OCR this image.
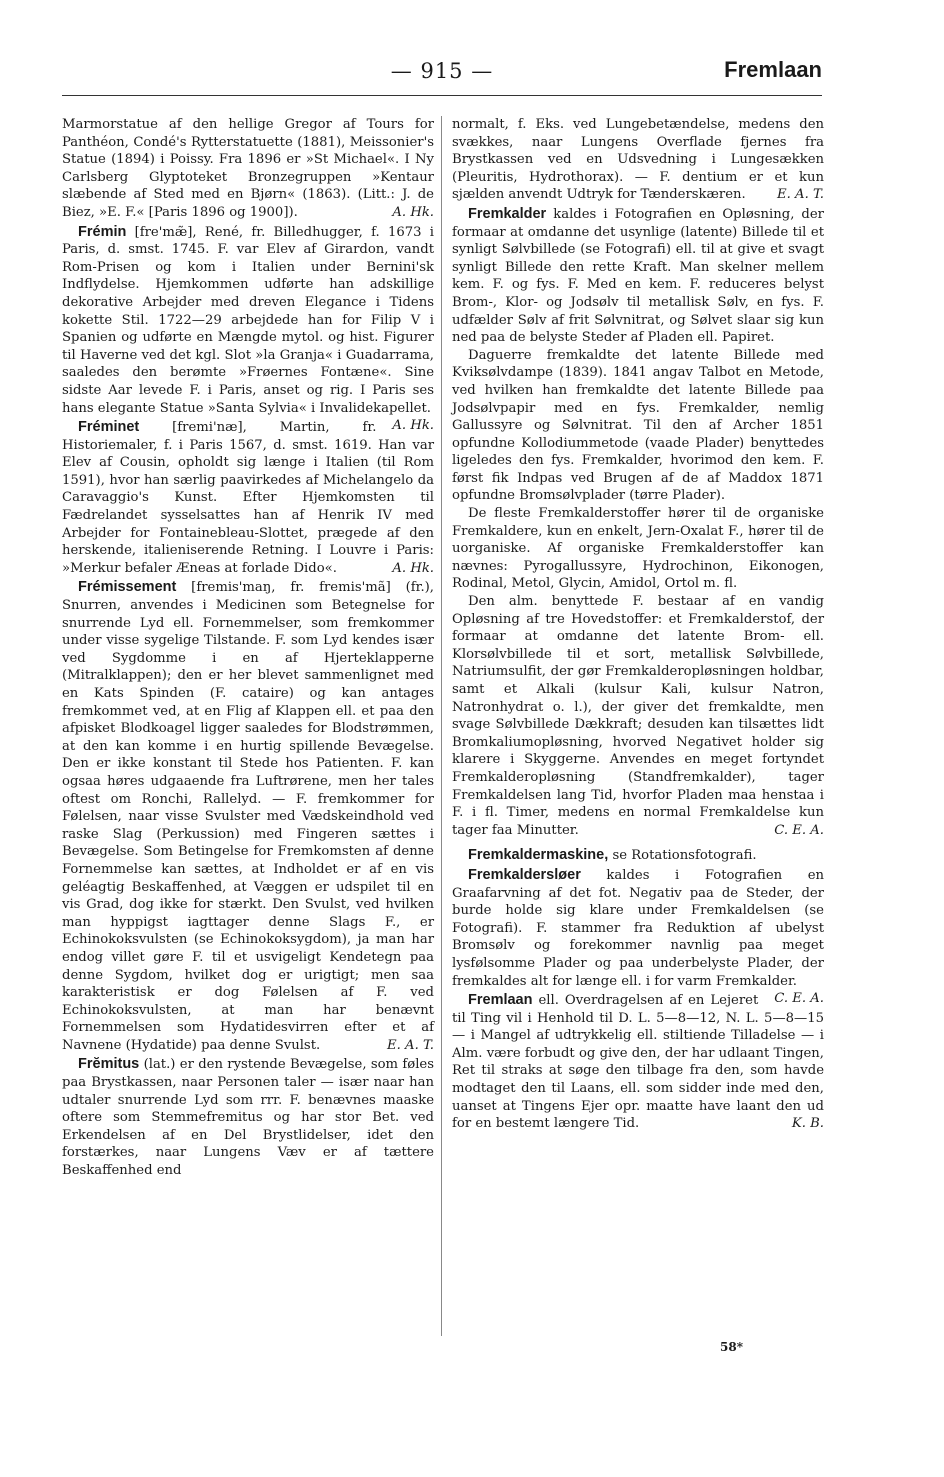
— 915 —	Fremlaan

Marmorstatue af den hellige Gregor af Tours for Panthéon, Condé's Rytterstatuette (1881), Meissonier's Statue (1894) i Poissy. Fra 1896 er »St Michael«. I Ny Carlsberg Glyptoteket Bronzegruppen »Kentaur slæbende af Sted med en Bjørn« (1863). (Litt.: J. de Biez, »E. F.« [Paris 1896 og 1900]).	A. Hk.

Frémin [fre'mæ̃], René, fr. Billedhugger, f. 1673 i Paris, d. smst. 1745. F. var Elev af Girardon, vandt Rom-Prisen og kom i Italien under Bernini'sk Indflydelse. Hjemkommen udførte han adskillige dekorative Arbejder med dreven Elegance i Tidens kokette Stil. 1722—29 arbejdede han for Filip V i Spanien og udførte en Mængde mytol. og hist. Figurer til Haverne ved det kgl. Slot »la Granja« i Guadarrama, saaledes den berømte »Frøernes Fontæne«. Sine sidste Aar levede F. i Paris, anset og rig. I Paris ses hans elegante Statue »Santa Sylvia« i Invalidekapellet.
A. Hk.

Fréminet [fremi'næ], Martin, fr. Historiemaler, f. i Paris 1567, d. smst. 1619. Han var Elev af Cousin, opholdt sig længe i Italien (til Rom 1591), hvor han særlig paavirkedes af Michelangelo da Caravaggio's Kunst. Efter Hjemkomsten til Fædrelandet sysselsattes han af Henrik IV med Arbejder for Fontainebleau-Slottet, prægede af den herskende, italieniserende Retning. I Louvre i Paris: »Merkur befaler Æneas at forlade Dido«.	A. Hk.

Frémissement [fremis'maŋ, fr. fremis'mã] (fr.), Snurren, anvendes i Medicinen som Betegnelse for snurrende Lyd ell. Fornemmelser, som fremkommer under visse sygelige Tilstande. F. som Lyd kendes især ved Sygdomme i en af Hjerteklapperne (Mitralklappen); den er her blevet sammenlignet med en Kats Spinden (F. cataire) og kan antages fremkommet ved, at en Flig af Klappen ell. et paa den afpisket Blodkoagel ligger saaledes for Blodstrømmen, at den kan komme i en hurtig spillende Bevægelse. Den er ikke konstant til Stede hos Patienten. F. kan ogsaa høres udgaaende fra Luftrørene, men her tales oftest om Ronchi, Rallelyd. — F. fremkommer for Følelsen, naar visse Svulster med Vædskeindhold ved raske Slag (Perkussion) med Fingeren sættes i Bevægelse. Som Betingelse for Fremkomsten af denne Fornemmelse kan sættes, at Indholdet er af en vis geléagtig Beskaffenhed, at Væggen er udspilet til en vis Grad, dog ikke for stærkt. Den Svulst, ved hvilken man hyppigst iagttager denne Slags F., er Echinokoksvulsten (se Echinokoksygdom), ja man har endog villet gøre F. til et usvigeligt Kendetegn paa denne Sygdom, hvilket dog er urigtigt; men saa karakteristisk er dog Følelsen af F. ved Echinokoksvulsten, at man har benævnt Fornemmelsen som Hydatidesvirren efter et af Navnene (Hydatide) paa denne Svulst.	E. A. T.

Frĕmitus (lat.) er den rystende Bevægelse, som føles paa Brystkassen, naar Personen taler — især naar han udtaler snurrende Lyd som rrr. F. benævnes maaske oftere som Stemmefremitus og har stor Bet. ved Erkendelsen af en Del Brystlidelser, idet den forstærkes, naar Lungens Væv er af tættere Beskaffenhed end

normalt, f. Eks. ved Lungebetændelse, medens den svækkes, naar Lungens Overflade fjernes fra Brystkassen ved en Udsvedning i Lungesækken (Pleuritis, Hydrothorax). — F. dentium er et kun sjælden anvendt Udtryk for Tænderskæren. E. A. T.

Fremkalder kaldes i Fotografien en Opløsning, der formaar at omdanne det usynlige (latente) Billede til et synligt Sølvbillede (se Fotografi) ell. til at give et svagt synligt Billede den rette Kraft. Man skelner mellem kem. F. og fys. F. Med en kem. F. reduceres belyst Brom-, Klor- og Jodsølv til metallisk Sølv, en fys. F. udfælder Sølv af frit Sølvnitrat, og Sølvet slaar sig kun ned paa de belyste Steder af Pladen ell. Papiret.

Daguerre fremkaldte det latente Billede med Kviksølvdampe (1839). 1841 angav Talbot en Metode, ved hvilken han fremkaldte det latente Billede paa Jodsølvpapir med en fys. Fremkalder, nemlig Gallussyre og Sølvnitrat. Til den af Archer 1851 opfundne Kollodiummetode (vaade Plader) benyttedes ligeledes den fys. Fremkalder, hvorimod den kem. F. først fik Indpas ved Brugen af de af Maddox 1871 opfundne Bromsølvplader (tørre Plader).

De fleste Fremkalderstoffer hører til de organiske Fremkaldere, kun en enkelt, Jern-Oxalat F., hører til de uorganiske. Af organiske Fremkalderstoffer kan nævnes: Pyrogallussyre, Hydrochinon, Eikonogen, Rodinal, Metol, Glycin, Amidol, Ortol m. fl.

Den alm. benyttede F. bestaar af en vandig Opløsning af tre Hovedstoffer: et Fremkalderstof, der formaar at omdanne det latente Brom- ell. Klorsølvbillede til et sort, metallisk Sølvbillede, Natriumsulfit, der gør Fremkalderopløsningen holdbar, samt et Alkali (kulsur Kali, kulsur Natron, Natronhydrat o. l.), der giver det fremkaldte, men svage Sølvbillede Dækkraft; desuden kan tilsættes lidt Bromkaliumopløsning, hvorved Negativet holder sig klarere i Skyggerne. Anvendes en meget fortyndet Fremkalderopløsning (Standfremkalder), tager Fremkaldelsen lang Tid, hvorfor Pladen maa henstaa i F. i fl. Timer, medens en normal Fremkaldelse kun tager faa Minutter.	C. E. A.

Fremkaldermaskine, se Rotationsfotografi.

Fremkaldersløer kaldes i Fotografien en Graafarvning af det fot. Negativ paa de Steder, der burde holde sig klare under Fremkaldelsen (se Fotografi). F. stammer fra Reduktion af ubelyst Bromsølv og forekommer navnlig paa meget lysfølsomme Plader og paa underbelyste Plader, der fremkaldes alt for længe ell. i for varm Fremkalder.
C. E. A.

Fremlaan ell. Overdragelsen af en Lejeret til Ting vil i Henhold til D. L. 5—8—12, N. L. 5—8—15 — i Mangel af udtrykkelig ell. stiltiende Tilladelse — i Alm. være forbudt og give den, der har udlaant Tingen, Ret til straks at søge den tilbage fra den, som havde modtaget den til Laans, ell. som sidder inde med den, uanset at Tingens Ejer opr. maatte have laant den ud for en bestemt længere Tid.	K. B.

58*
